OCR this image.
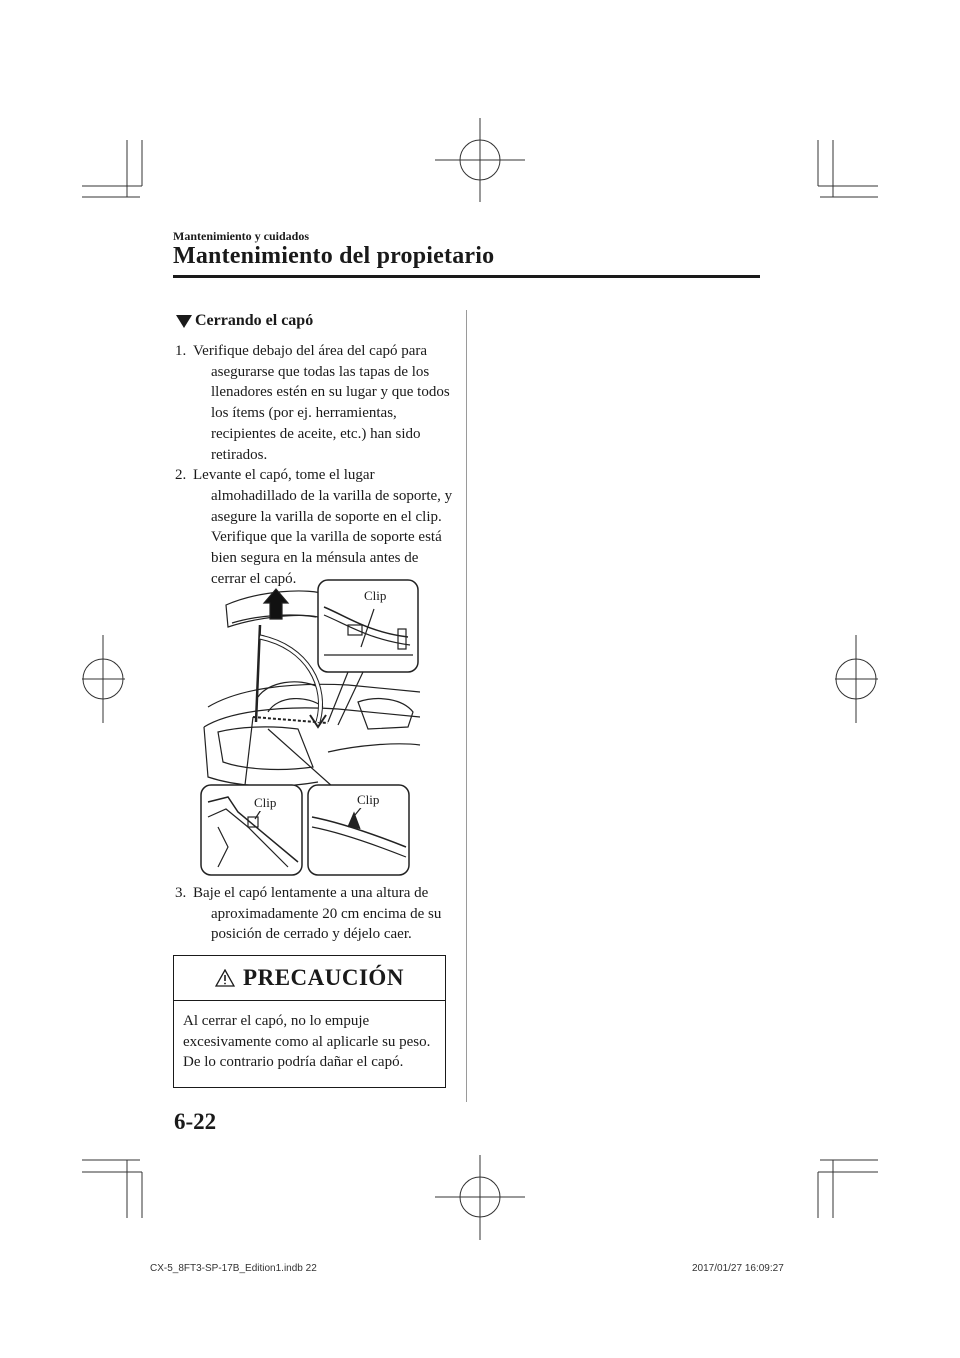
Mantenimiento y cuidados
Mantenimiento del propietario
Cerrando el capó
1. Verifique debajo del área del capó para asegurarse que todas las tapas de los llenadores estén en su lugar y que todos los ítems (por ej. herramientas, recipientes de aceite, etc.) han sido retirados.
2. Levante el capó, tome el lugar almohadillado de la varilla de soporte, y asegure la varilla de soporte en el clip. Verifique que la varilla de soporte está bien segura en la ménsula antes de cerrar el capó.
Clip
Clip	Clip
3. Baje el capó lentamente a una altura de aproximadamente 20 cm encima de su posición de cerrado y déjelo caer.
PRECAUCIÓN
Al cerrar el capó, no lo empuje excesivamente como al aplicarle su peso. De lo contrario podría dañar el capó.
6-22
CX-5_8FT3-SP-17B_Edition1.indb 22	2017/01/27 16:09:27
